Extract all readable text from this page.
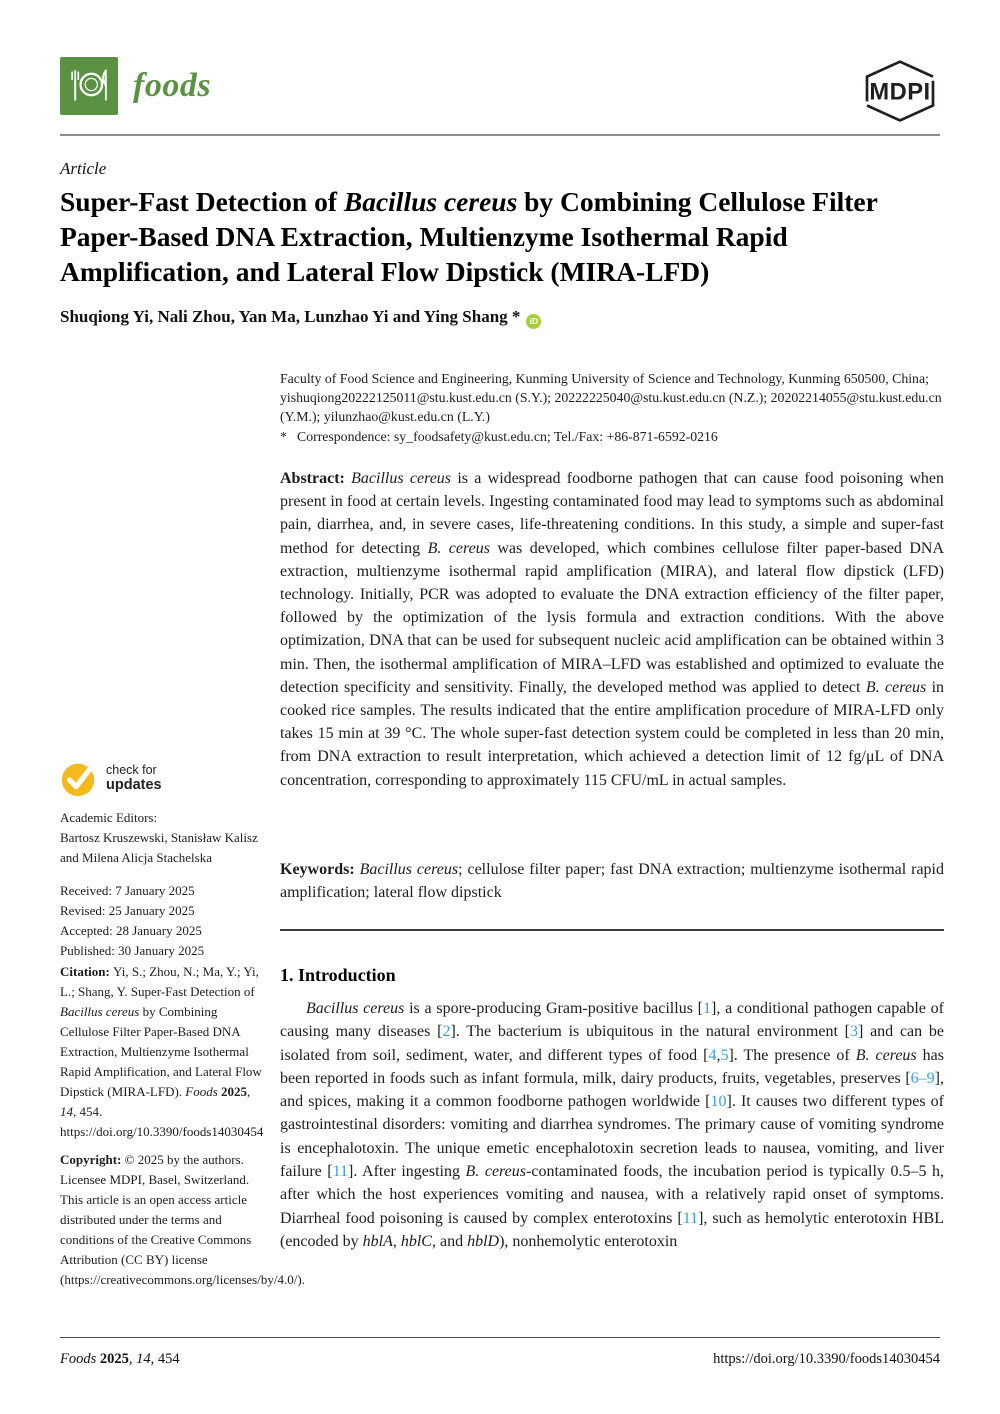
foods	MDPI
Article
Super-Fast Detection of Bacillus cereus by Combining Cellulose Filter Paper-Based DNA Extraction, Multienzyme Isothermal Rapid Amplification, and Lateral Flow Dipstick (MIRA-LFD)
Shuqiong Yi, Nali Zhou, Yan Ma, Lunzhao Yi and Ying Shang * iD
Faculty of Food Science and Engineering, Kunming University of Science and Technology, Kunming 650500, China; yishuqiong20222125011@stu.kust.edu.cn (S.Y.); 20222225040@stu.kust.edu.cn (N.Z.); 20202214055@stu.kust.edu.cn (Y.M.); yilunzhao@kust.edu.cn (L.Y.)
* Correspondence: sy_foodsafety@kust.edu.cn; Tel./Fax: +86-871-6592-0216
Abstract: Bacillus cereus is a widespread foodborne pathogen that can cause food poisoning when present in food at certain levels. Ingesting contaminated food may lead to symptoms such as abdominal pain, diarrhea, and, in severe cases, life-threatening conditions. In this study, a simple and super-fast method for detecting B. cereus was developed, which combines cellulose filter paper-based DNA extraction, multienzyme isothermal rapid amplification (MIRA), and lateral flow dipstick (LFD) technology. Initially, PCR was adopted to evaluate the DNA extraction efficiency of the filter paper, followed by the optimization of the lysis formula and extraction conditions. With the above optimization, DNA that can be used for subsequent nucleic acid amplification can be obtained within 3 min. Then, the isothermal amplification of MIRA–LFD was established and optimized to evaluate the detection specificity and sensitivity. Finally, the developed method was applied to detect B. cereus in cooked rice samples. The results indicated that the entire amplification procedure of MIRA-LFD only takes 15 min at 39 °C. The whole super-fast detection system could be completed in less than 20 min, from DNA extraction to result interpretation, which achieved a detection limit of 12 fg/μL of DNA concentration, corresponding to approximately 115 CFU/mL in actual samples.
Keywords: Bacillus cereus; cellulose filter paper; fast DNA extraction; multienzyme isothermal rapid amplification; lateral flow dipstick
1. Introduction
Bacillus cereus is a spore-producing Gram-positive bacillus [1], a conditional pathogen capable of causing many diseases [2]. The bacterium is ubiquitous in the natural environment [3] and can be isolated from soil, sediment, water, and different types of food [4,5]. The presence of B. cereus has been reported in foods such as infant formula, milk, dairy products, fruits, vegetables, preserves [6–9], and spices, making it a common foodborne pathogen worldwide [10]. It causes two different types of gastrointestinal disorders: vomiting and diarrhea syndromes. The primary cause of vomiting syndrome is encephalotoxin. The unique emetic encephalotoxin secretion leads to nausea, vomiting, and liver failure [11]. After ingesting B. cereus-contaminated foods, the incubation period is typically 0.5–5 h, after which the host experiences vomiting and nausea, with a relatively rapid onset of symptoms. Diarrheal food poisoning is caused by complex enterotoxins [11], such as hemolytic enterotoxin HBL (encoded by hblA, hblC, and hblD), nonhemolytic enterotoxin
check for
updates
Academic Editors:
Bartosz Kruszewski, Stanisław Kalisz and Milena Alicja Stachelska
Received: 7 January 2025
Revised: 25 January 2025
Accepted: 28 January 2025
Published: 30 January 2025
Citation: Yi, S.; Zhou, N.; Ma, Y.; Yi, L.; Shang, Y. Super-Fast Detection of Bacillus cereus by Combining Cellulose Filter Paper-Based DNA Extraction, Multienzyme Isothermal Rapid Amplification, and Lateral Flow Dipstick (MIRA-LFD). Foods 2025, 14, 454. https://doi.org/10.3390/foods14030454
Copyright: © 2025 by the authors. Licensee MDPI, Basel, Switzerland. This article is an open access article distributed under the terms and conditions of the Creative Commons Attribution (CC BY) license (https://creativecommons.org/licenses/by/4.0/).
Foods 2025, 14, 454	https://doi.org/10.3390/foods14030454
